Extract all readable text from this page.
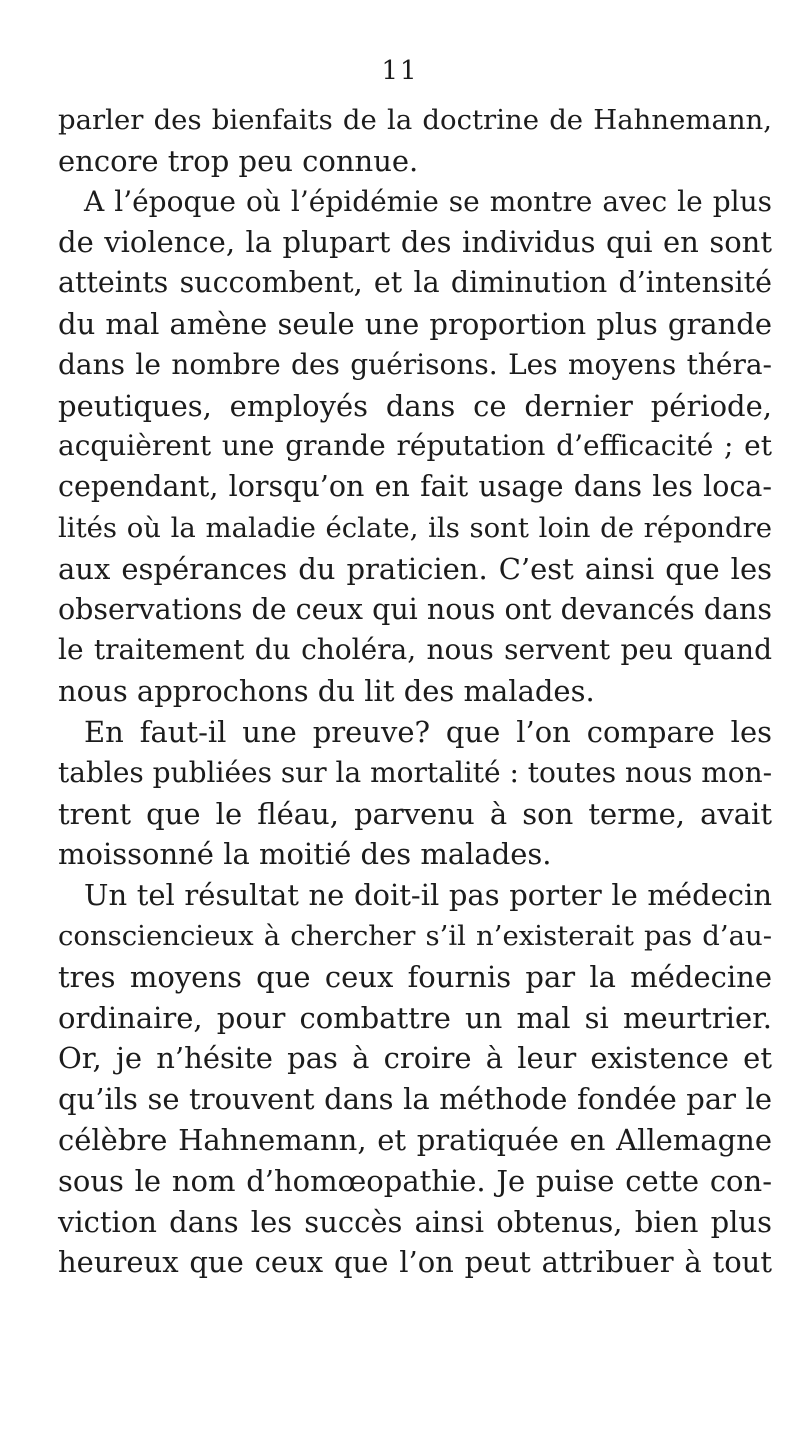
11
parler des bienfaits de la doctrine de Hahnemann,
encore trop peu connue.
A l’époque où l’épidémie se montre avec le plus
de violence, la plupart des individus qui en sont
atteints succombent, et la diminution d’intensité
du mal amène seule une proportion plus grande
dans le nombre des guérisons. Les moyens théra-
peutiques, employés dans ce dernier période,
acquièrent une grande réputation d’efficacité ; et
cependant, lorsqu’on en fait usage dans les loca-
lités où la maladie éclate, ils sont loin de répondre
aux espérances du praticien. C’est ainsi que les
observations de ceux qui nous ont devancés dans
le traitement du choléra, nous servent peu quand
nous approchons du lit des malades.
En faut-il une preuve? que l’on compare les
tables publiées sur la mortalité : toutes nous mon-
trent que le fléau, parvenu à son terme, avait
moissonné la moitié des malades.
Un tel résultat ne doit-il pas porter le médecin
consciencieux à chercher s’il n’existerait pas d’au-
tres moyens que ceux fournis par la médecine
ordinaire, pour combattre un mal si meurtrier.
Or, je n’hésite pas à croire à leur existence et
qu’ils se trouvent dans la méthode fondée par le
célèbre Hahnemann, et pratiquée en Allemagne
sous le nom d’homœopathie. Je puise cette con-
viction dans les succès ainsi obtenus, bien plus
heureux que ceux que l’on peut attribuer à tout
